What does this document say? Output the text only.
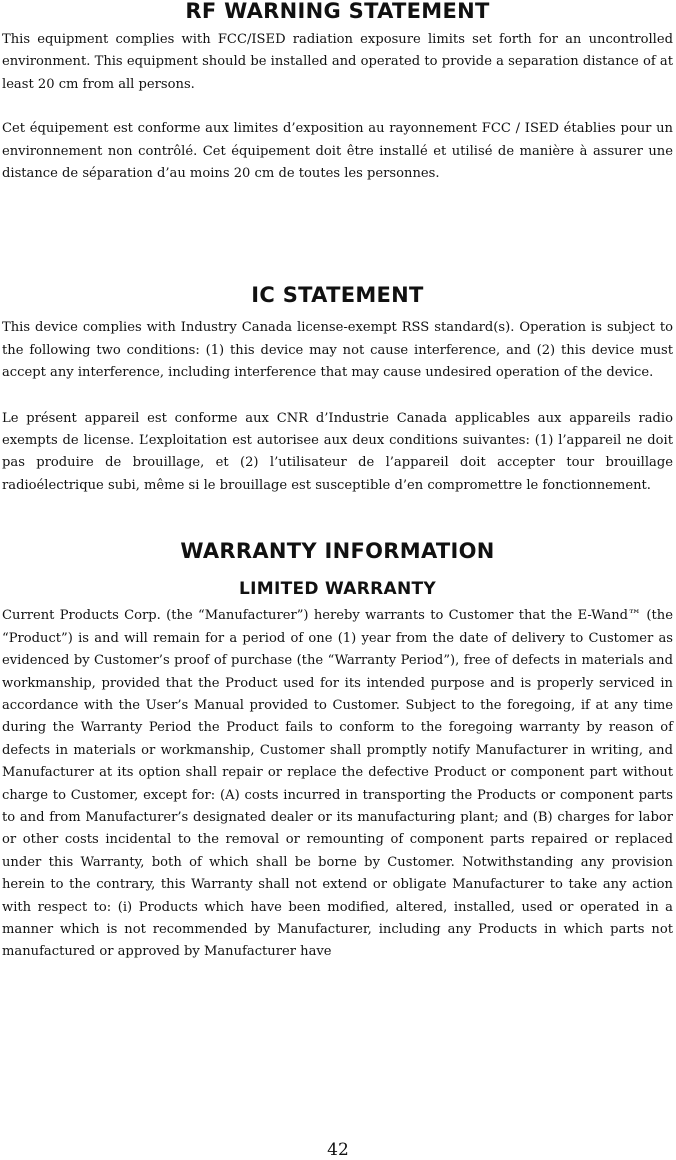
RF WARNING STATEMENT

This equipment complies with FCC/ISED radiation exposure limits set forth for an uncontrolled environment. This equipment should be installed and operated to provide a separation distance of at least 20 cm from all persons.

Cet équipement est conforme aux limites d’exposition au rayonnement FCC / ISED établies pour un environnement non contrôlé. Cet équipement doit être installé et utilisé de manière à assurer une distance de séparation d’au moins 20 cm de toutes les personnes.

IC STATEMENT

This device complies with Industry Canada license-exempt RSS standard(s). Operation is subject to the following two conditions: (1) this device may not cause interference, and (2) this device must accept any interference, including interference that may cause undesired operation of the device.

Le présent appareil est conforme aux CNR d’Industrie Canada applicables aux appareils radio exempts de license. L’exploitation est autorisee aux deux conditions suivantes: (1) l’appareil ne doit pas produire de brouillage, et (2) l’utilisateur de l’appareil doit accepter tour brouillage radioélectrique subi, même si le brouillage est susceptible d’en compromettre le fonctionnement.

WARRANTY INFORMATION
LIMITED WARRANTY

Current Products Corp. (the “Manufacturer”) hereby warrants to Customer that the E-Wand™ (the “Product”) is and will remain for a period of one (1) year from the date of delivery to Customer as evidenced by Customer’s proof of purchase (the “Warranty Period”), free of defects in materials and workmanship, provided that the Product used for its intended purpose and is properly serviced in accordance with the User’s Manual provided to Customer. Subject to the foregoing, if at any time during the Warranty Period the Product fails to conform to the foregoing warranty by reason of defects in materials or workmanship, Customer shall promptly notify Manufacturer in writing, and Manufacturer at its option shall repair or replace the defective Product or component part without charge to Customer, except for: (A) costs incurred in transporting the Products or component parts to and from Manufacturer’s designated dealer or its manufacturing plant; and (B) charges for labor or other costs incidental to the removal or remounting of component parts repaired or replaced under this Warranty, both of which shall be borne by Customer. Notwithstanding any provision herein to the contrary, this Warranty shall not extend or obligate Manufacturer to take any action with respect to: (i) Products which have been modified, altered, installed, used or operated in a manner which is not recommended by Manufacturer, including any Products in which parts not manufactured or approved by Manufacturer have

42
